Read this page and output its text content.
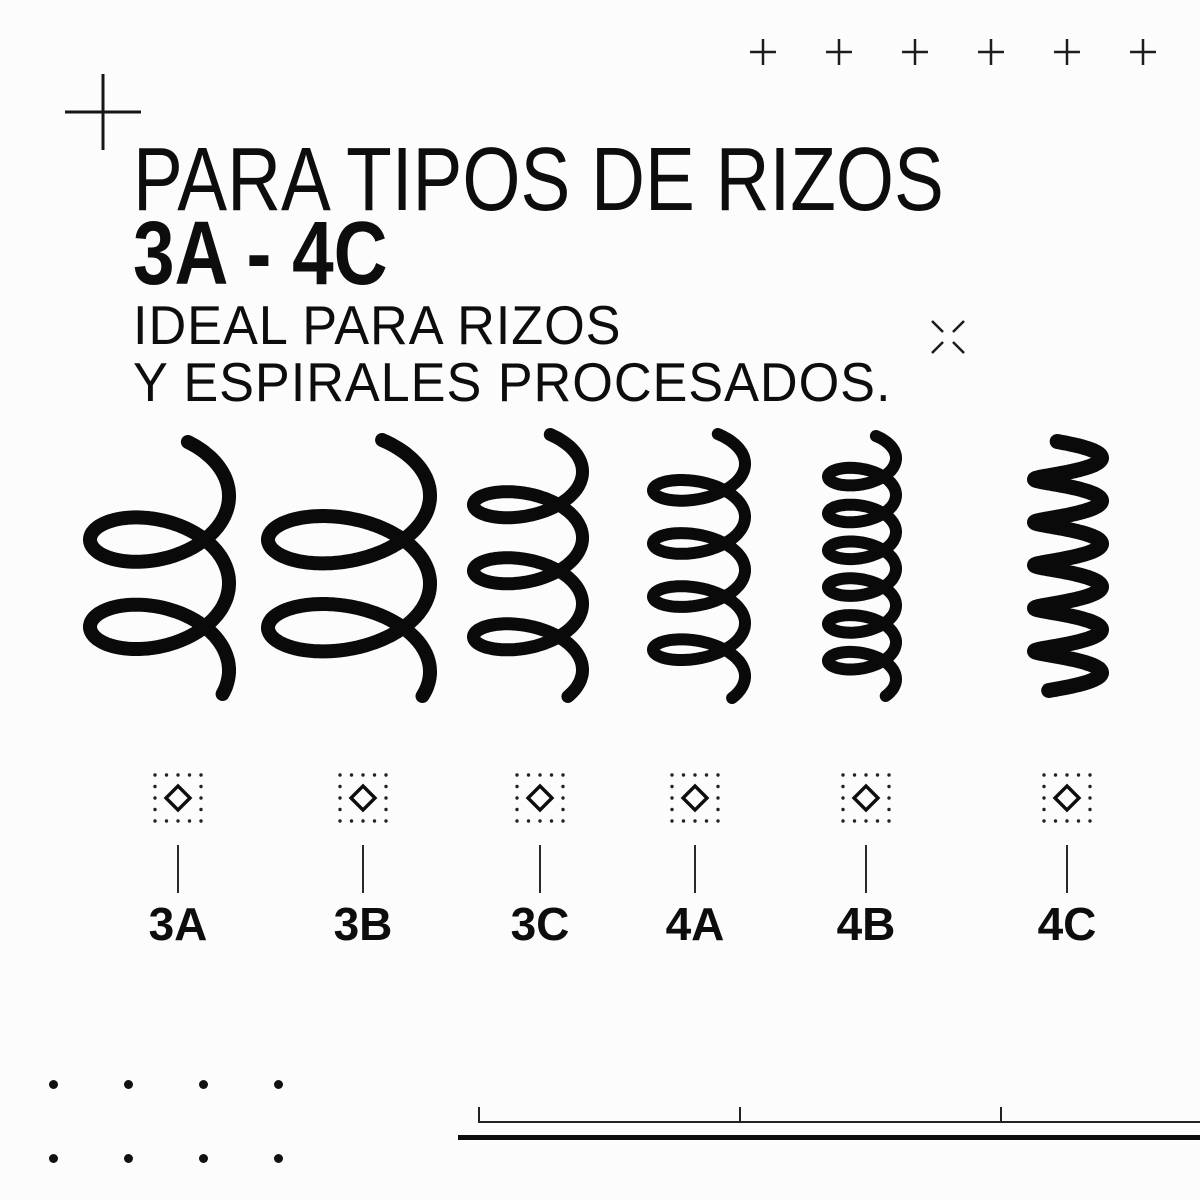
PARA TIPOS DE RIZOS
3A - 4C

IDEAL PARA RIZOS
Y ESPIRALES PROCESADOS.

3A	3B	3C 4A 4B	4C
